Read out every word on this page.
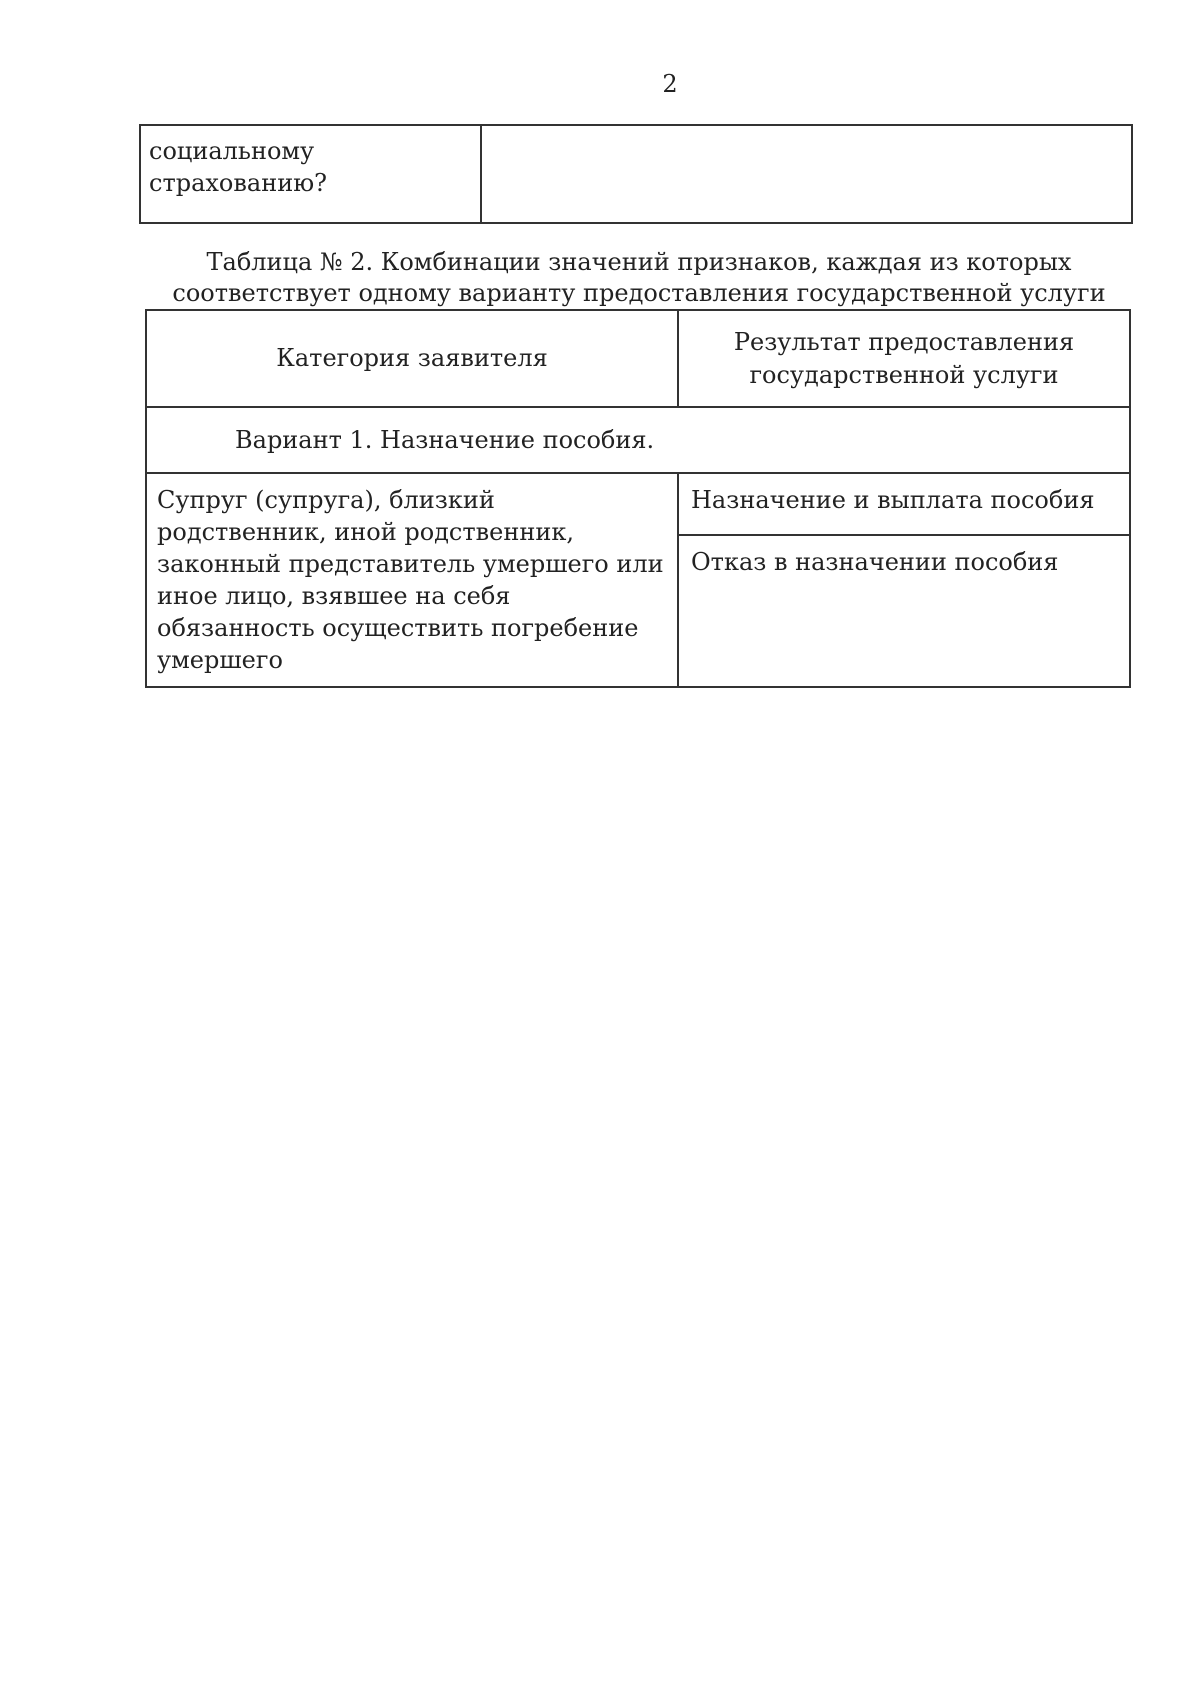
2
социальному
страхованию?

Таблица № 2. Комбинации значений признаков, каждая из которых соответствует одному варианту предоставления государственной услуги
Категория заявителя	Результат предоставления государственной услуги
Вариант 1. Назначение пособия.	
Супруг (супруга), близкий родственник, иной родственник, законный представитель умершего или иное лицо, взявшее на себя обязанность осуществить погребение умершего	Назначение и выплата пособия
	Отказ в назначении пособия
